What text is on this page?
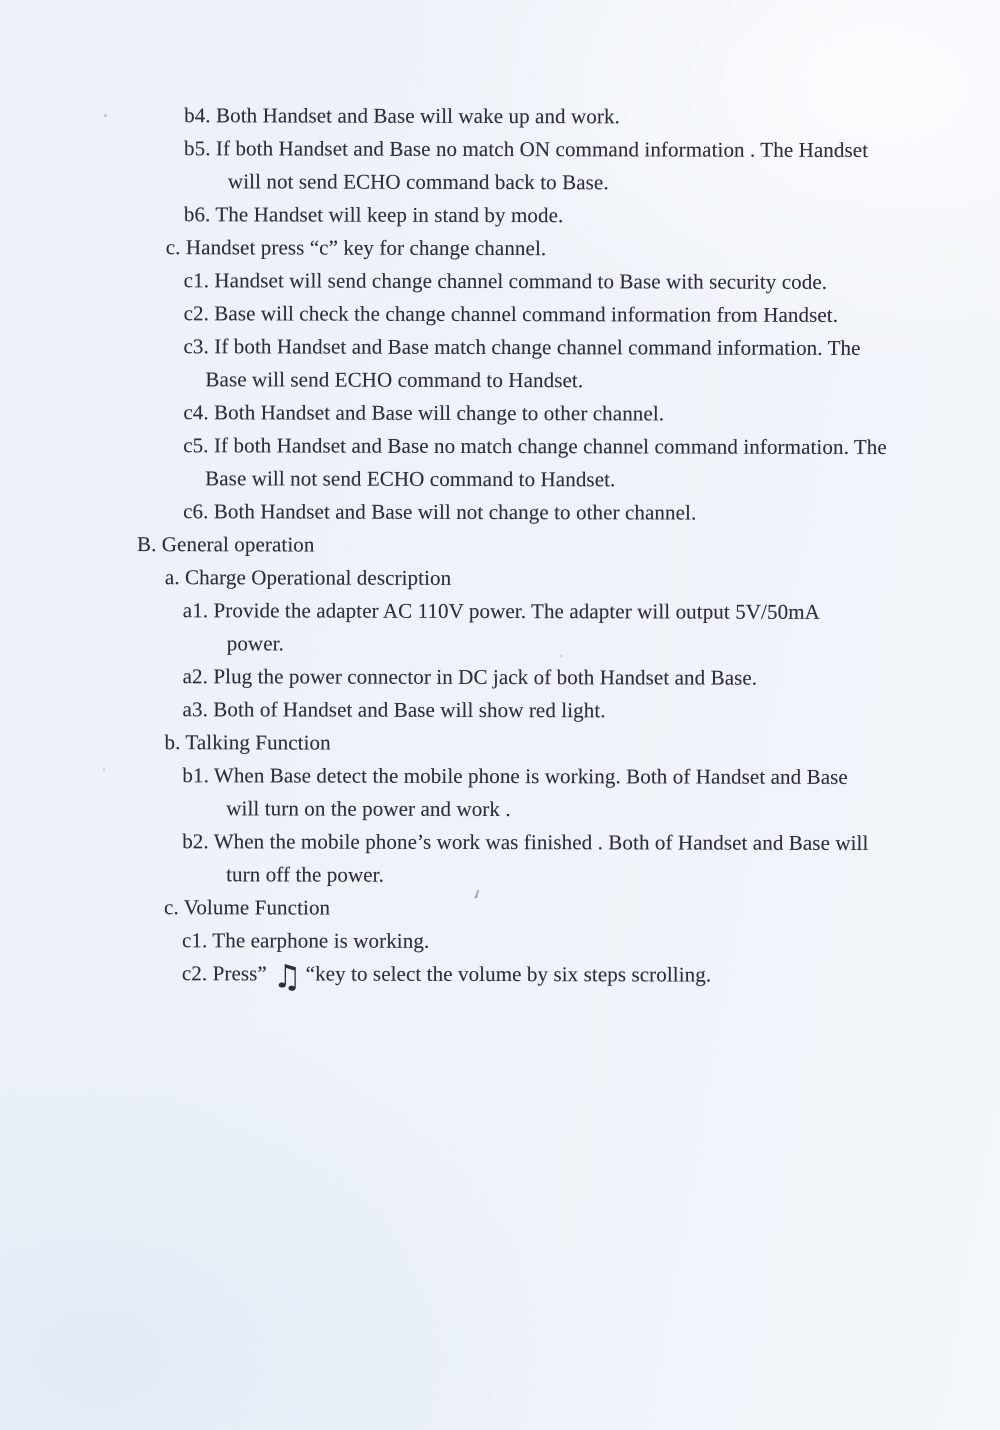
b4. Both Handset and Base will wake up and work.
b5. If both Handset and Base no match ON command information . The Handset
will not send ECHO command back to Base.
b6. The Handset will keep in stand by mode.
c. Handset press “c” key for change channel.
c1. Handset will send change channel command to Base with security code.
c2. Base will check the change channel command information from Handset.
c3. If both Handset and Base match change channel command information. The
Base will send ECHO command to Handset.
c4. Both Handset and Base will change to other channel.
c5. If both Handset and Base no match change channel command information. The
Base will not send ECHO command to Handset.
c6. Both Handset and Base will not change to other channel.
B. General operation
a. Charge Operational description
a1. Provide the adapter AC 110V power. The adapter will output 5V/50mA
power.
a2. Plug the power connector in DC jack of both Handset and Base.
a3. Both of Handset and Base will show red light.
b. Talking Function
b1. When Base detect the mobile phone is working. Both of Handset and Base
will turn on the power and work .
b2. When the mobile phone’s work was finished . Both of Handset and Base will
turn off the power.
c. Volume Function
c1. The earphone is working.
c2. Press” ♫ “key to select the volume by six steps scrolling.
